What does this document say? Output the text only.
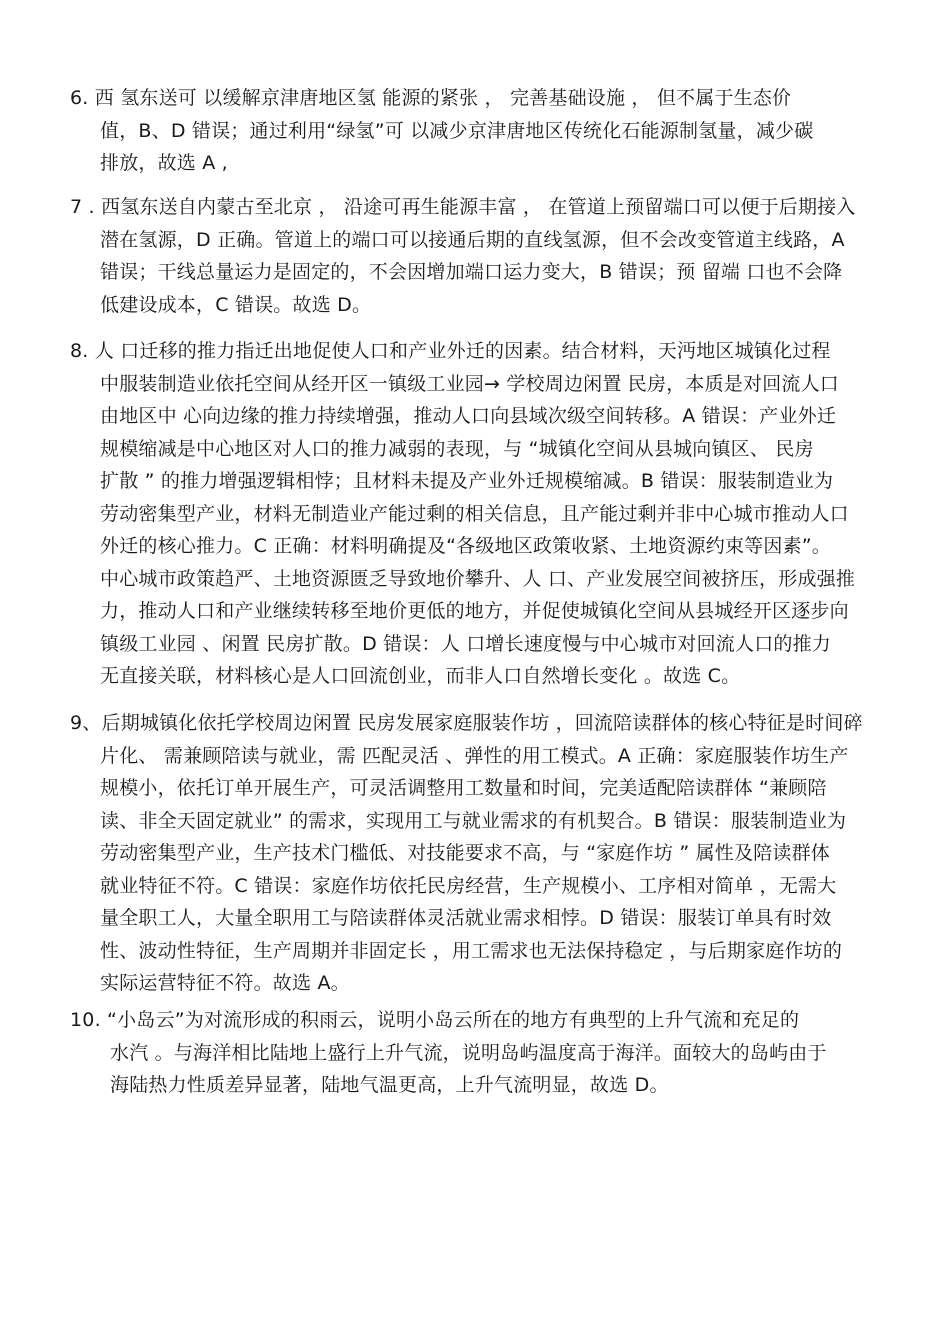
6. 西 氢东送可 以缓解京津唐地区氢 能源的紧张 ， 完善基础设施 ， 但不属于生态价
值，B、D 错误；通过利用“绿氢”可 以减少京津唐地区传统化石能源制氢量，减少碳
排放，故选 A ,
7 . 西氢东送自内蒙古至北京 ， 沿途可再生能源丰富 ， 在管道上预留端口可以便于后期接入
潜在氢源，D 正确。管道上的端口可以接通后期的直线氢源，但不会改变管道主线路，A
错误；干线总量运力是固定的，不会因增加端口运力变大，B 错误；预 留端 口也不会降
低建设成本，C 错误。故选 D。
8. 人 口迁移的推力指迁出地促使人口和产业外迁的因素。结合材料，天沔地区城镇化过程
中服装制造业依托空间从经开区一镇级工业园→ 学校周边闲置 民房，本质是对回流人口
由地区中 心向边缘的推力持续增强，推动人口向县域次级空间转移。A 错误：产业外迁
规模缩减是中心地区对人口的推力减弱的表现，与 “城镇化空间从县城向镇区、 民房
扩散 ” 的推力增强逻辑相悖；且材料未提及产业外迁规模缩减。B 错误：服装制造业为
劳动密集型产业，材料无制造业产能过剩的相关信息，且产能过剩并非中心城市推动人口
外迁的核心推力。C 正确：材料明确提及“各级地区政策收紧、土地资源约束等因素”。
中心城市政策趋严、土地资源匮乏导致地价攀升、人 口、产业发展空间被挤压，形成强推
力，推动人口和产业继续转移至地价更低的地方，并促使城镇化空间从县城经开区逐步向
镇级工业园 、闲置 民房扩散。D 错误：人 口增长速度慢与中心城市对回流人口的推力
无直接关联，材料核心是人口回流创业，而非人口自然增长变化 。故选 C。
9、后期城镇化依托学校周边闲置 民房发展家庭服装作坊 ，回流陪读群体的核心特征是时间碎
片化、 需兼顾陪读与就业，需 匹配灵活 、弹性的用工模式。A 正确：家庭服装作坊生产
规模小，依托订单开展生产，可灵活调整用工数量和时间，完美适配陪读群体 “兼顾陪
读、非全天固定就业” 的需求，实现用工与就业需求的有机契合。B 错误：服装制造业为
劳动密集型产业，生产技术门槛低、对技能要求不高，与 “家庭作坊 ” 属性及陪读群体
就业特征不符。C 错误：家庭作坊依托民房经营，生产规模小、工序相对简单 ，无需大
量全职工人，大量全职用工与陪读群体灵活就业需求相悖。D 错误：服装订单具有时效
性、波动性特征，生产周期并非固定长 ，用工需求也无法保持稳定 ，与后期家庭作坊的
实际运营特征不符。故选 A。
10. “小岛云”为对流形成的积雨云，说明小岛云所在的地方有典型的上升气流和充足的
水汽 。与海洋相比陆地上盛行上升气流，说明岛屿温度高于海洋。面较大的岛屿由于
海陆热力性质差异显著，陆地气温更高，上升气流明显，故选 D。
